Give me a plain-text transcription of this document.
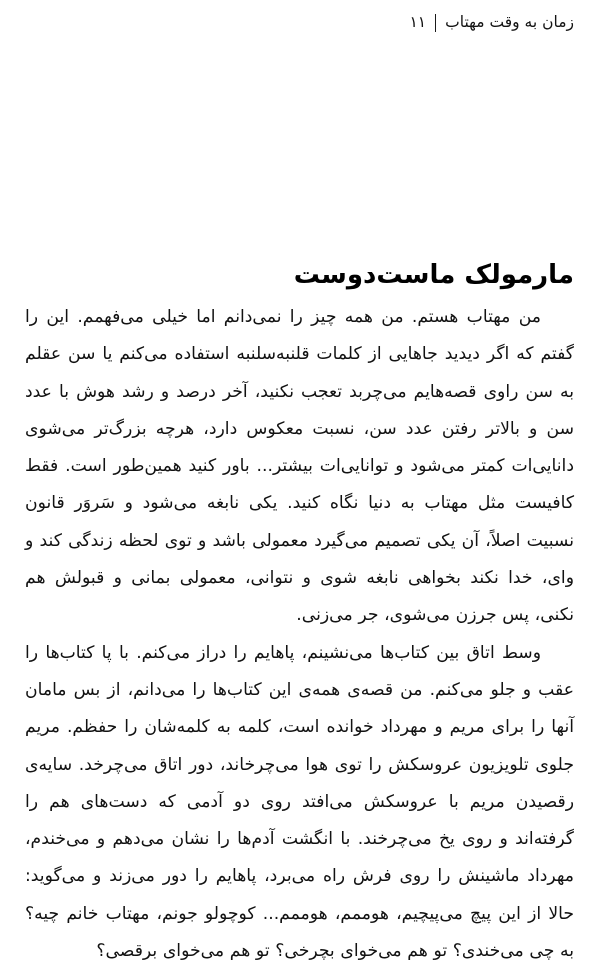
زمان به وقت مهتاب
۱۱
مارمولک ماست‌دوست

من مهتاب هستم. من همه چیز را نمی‌دانم اما خیلی می‌فهمم. این را گفتم که اگر دیدید جاهایی از کلمات قلنبه‌سلنبه استفاده می‌کنم یا سن عقلم به سن راوی قصه‌هایم می‌چربد تعجب نکنید، آخر درصد و رشد هوش با عدد سن و بالاتر رفتن عدد سن، نسبت معکوس دارد، هرچه بزرگ‌تر می‌شوی دانایی‌ات کمتر می‌شود و توانایی‌ات بیشتر... باور کنید همین‌طور است. فقط کافیست مثل مهتاب به دنیا نگاه کنید. یکی نابغه می‌شود و سَروَر قانون نسبیت اصلاً، آن یکی تصمیم می‌گیرد معمولی باشد و توی لحظه زندگی کند و وای، خدا نکند بخواهی نابغه شوی و نتوانی، معمولی بمانی و قبولش هم نکنی، پس جرزن می‌شوی، جر می‌زنی.

وسط اتاق بین کتاب‌ها می‌نشینم، پاهایم را دراز می‌کنم. با پا کتاب‌ها را عقب و جلو می‌کنم. من قصه‌ی همه‌ی این کتاب‌ها را می‌دانم، از بس مامان آنها را برای مریم و مهرداد خوانده است، کلمه به کلمه‌شان را حفظم. مریم جلوی تلویزیون عروسکش را توی هوا می‌چرخاند، دور اتاق می‌چرخد. سایه‌ی رقصیدن مریم با عروسکش می‌افتد روی دو آدمی که دست‌های هم را گرفته‌اند و روی یخ می‌چرخند. با انگشت آدم‌ها را نشان می‌دهم و می‌خندم، مهرداد ماشینش را روی فرش راه می‌برد، پاهایم را دور می‌زند و می‌گوید: حالا از این پیچ می‌پیچیم، هوممم، هوممم... کوچولو جونم، مهتاب خانم چیه؟ به چی می‌خندی؟ تو هم می‌خوای بچرخی؟ تو هم می‌خوای برقصی؟
